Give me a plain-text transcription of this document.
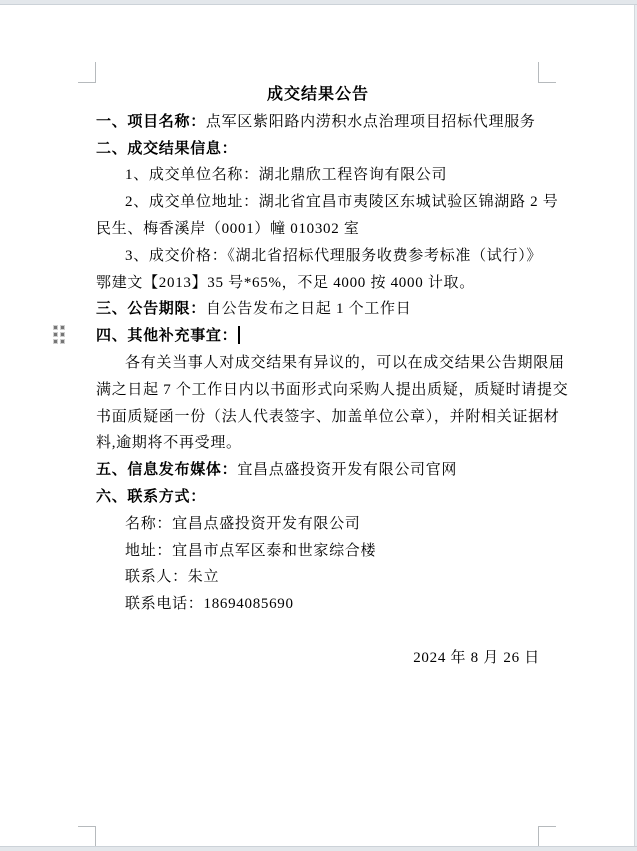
成交结果公告
一、项目名称：点军区紫阳路内涝积水点治理项目招标代理服务
二、成交结果信息：
1、成交单位名称：湖北鼎欣工程咨询有限公司
2、成交单位地址：湖北省宜昌市夷陵区东城试验区锦湖路 2 号
民生、梅香溪岸（0001）幢 010302 室
3、成交价格：《湖北省招标代理服务收费参考标准（试行）》
鄂建文【2013】35 号*65%，不足 4000 按 4000 计取。
三、公告期限：自公告发布之日起 1 个工作日
四、其他补充事宜：
各有关当事人对成交结果有异议的，可以在成交结果公告期限届
满之日起 7 个工作日内以书面形式向采购人提出质疑，质疑时请提交
书面质疑函一份（法人代表签字、加盖单位公章），并附相关证据材
料,逾期将不再受理。
五、信息发布媒体：宜昌点盛投资开发有限公司官网
六、联系方式：
名称：宜昌点盛投资开发有限公司
地址：宜昌市点军区泰和世家综合楼
联系人：朱立
联系电话：18694085690
2024 年 8 月 26 日
